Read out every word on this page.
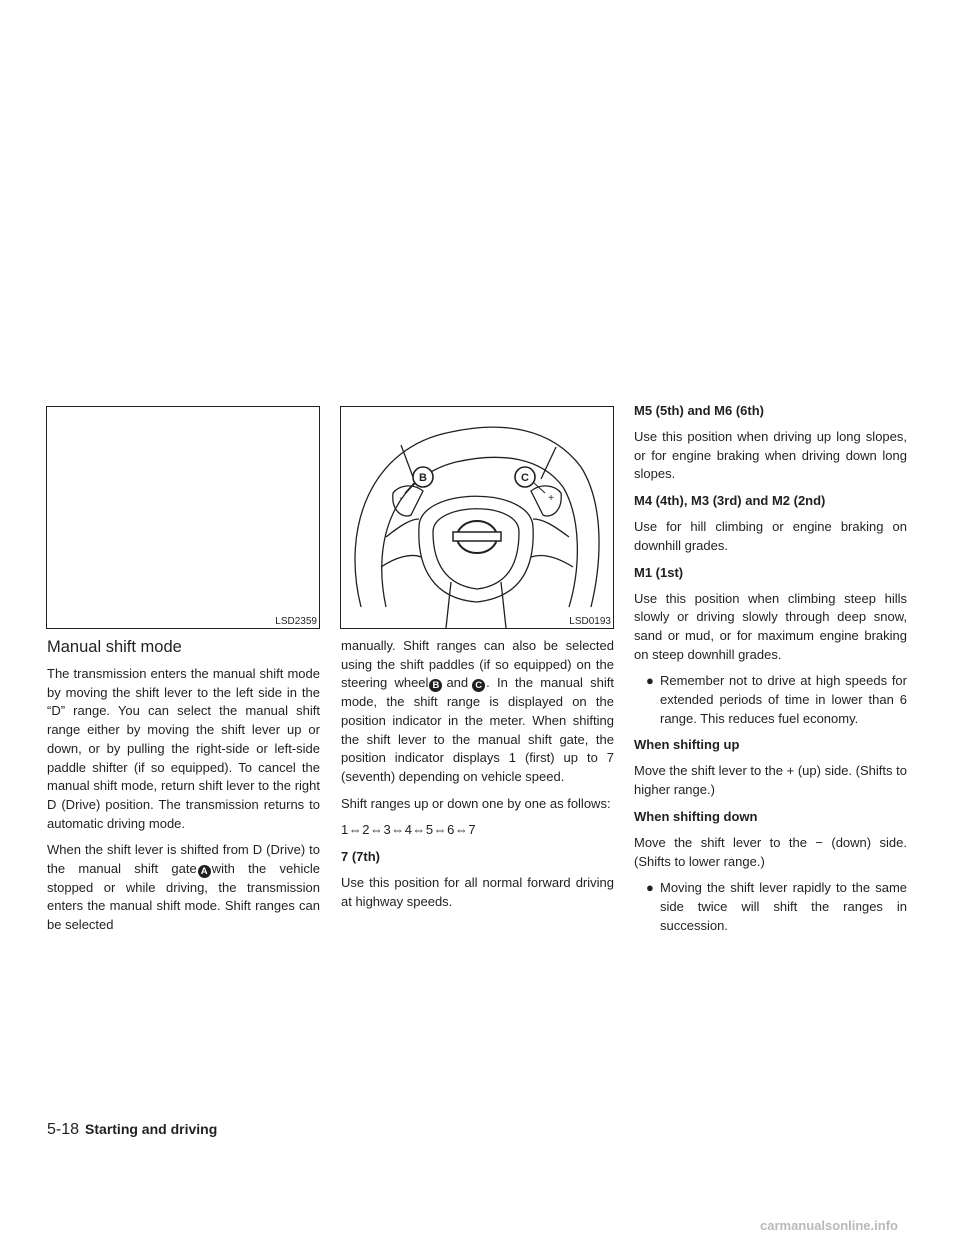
LSD2359
B	C
-	+
LSD0193
Manual shift mode

The transmission enters the manual shift mode by moving the shift lever to the left side in the “D” range. You can select the manual shift range either by moving the shift lever up or down, or by pulling the right-side or left-side paddle shifter (if so equipped). To cancel the manual shift mode, return shift lever to the right D (Drive) position. The transmission returns to automatic driving mode.

When the shift lever is shifted from D (Drive) to the manual shift gate A with the vehicle stopped or while driving, the transmission enters the manual shift mode. Shift ranges can be selected

manually. Shift ranges can also be selected using the shift paddles (if so equipped) on the steering wheel B and C . In the manual shift mode, the shift range is displayed on the position indicator in the meter. When shifting the shift lever to the manual shift gate, the position indicator displays 1 (first) up to 7 (seventh) depending on vehicle speed.

Shift ranges up or down one by one as follows:

1⇔2⇔3⇔4⇔5⇔6⇔7

7 (7th)

Use this position for all normal forward driving at highway speeds.

M5 (5th) and M6 (6th)

Use this position when driving up long slopes, or for engine braking when driving down long slopes.

M4 (4th), M3 (3rd) and M2 (2nd)

Use for hill climbing or engine braking on downhill grades.

M1 (1st)

Use this position when climbing steep hills slowly or driving slowly through deep snow, sand or mud, or for maximum engine braking on steep downhill grades.

● Remember not to drive at high speeds for extended periods of time in lower than 6 range. This reduces fuel economy.
When shifting up

Move the shift lever to the + (up) side. (Shifts to higher range.)

When shifting down

Move the shift lever to the − (down) side. (Shifts to lower range.)

● Moving the shift lever rapidly to the same side twice will shift the ranges in succession.
5-18 Starting and driving
carmanualsonline.info
